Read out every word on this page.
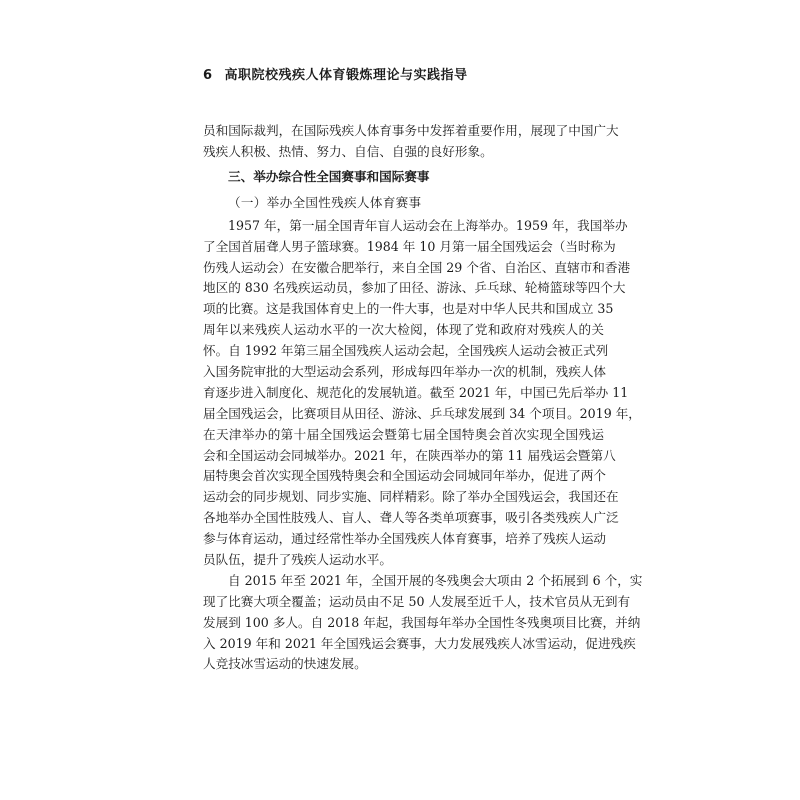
6 高职院校残疾人体育锻炼理论与实践指导
员和国际裁判，在国际残疾人体育事务中发挥着重要作用，展现了中国广大
残疾人积极、热情、努力、自信、自强的良好形象。
三、举办综合性全国赛事和国际赛事
（一）举办全国性残疾人体育赛事
1957 年，第一届全国青年盲人运动会在上海举办。1959 年，我国举办
了全国首届聋人男子篮球赛。1984 年 10 月第一届全国残运会（当时称为
伤残人运动会）在安徽合肥举行，来自全国 29 个省、自治区、直辖市和香港
地区的 830 名残疾运动员，参加了田径、游泳、乒乓球、轮椅篮球等四个大
项的比赛。这是我国体育史上的一件大事，也是对中华人民共和国成立 35
周年以来残疾人运动水平的一次大检阅，体现了党和政府对残疾人的关
怀。自 1992 年第三届全国残疾人运动会起，全国残疾人运动会被正式列
入国务院审批的大型运动会系列，形成每四年举办一次的机制，残疾人体
育逐步进入制度化、规范化的发展轨道。截至 2021 年，中国已先后举办 11
届全国残运会，比赛项目从田径、游泳、乒乓球发展到 34 个项目。2019 年，
在天津举办的第十届全国残运会暨第七届全国特奥会首次实现全国残运
会和全国运动会同城举办。2021 年，在陕西举办的第 11 届残运会暨第八
届特奥会首次实现全国残特奥会和全国运动会同城同年举办，促进了两个
运动会的同步规划、同步实施、同样精彩。除了举办全国残运会，我国还在
各地举办全国性肢残人、盲人、聋人等各类单项赛事，吸引各类残疾人广泛
参与体育运动，通过经常性举办全国残疾人体育赛事，培养了残疾人运动
员队伍，提升了残疾人运动水平。
自 2015 年至 2021 年，全国开展的冬残奥会大项由 2 个拓展到 6 个，实
现了比赛大项全覆盖；运动员由不足 50 人发展至近千人，技术官员从无到有
发展到 100 多人。自 2018 年起，我国每年举办全国性冬残奥项目比赛，并纳
入 2019 年和 2021 年全国残运会赛事，大力发展残疾人冰雪运动，促进残疾
人竞技冰雪运动的快速发展。
